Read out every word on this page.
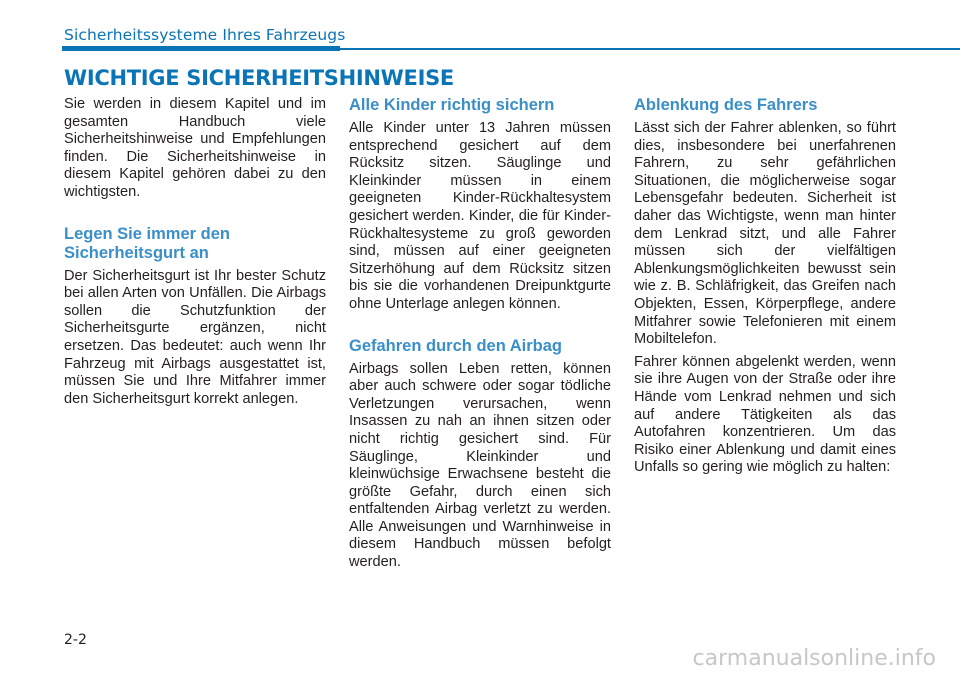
Sicherheitssysteme Ihres Fahrzeugs
WICHTIGE SICHERHEITSHINWEISE

Sie werden in diesem Kapitel und im gesamten Handbuch viele Sicherheitshinweise und Empfehlungen finden. Die Sicherheitshinweise in diesem Kapitel gehören dabei zu den wichtigsten.

Legen Sie immer den Sicherheitsgurt an

Der Sicherheitsgurt ist Ihr bester Schutz bei allen Arten von Unfällen. Die Airbags sollen die Schutzfunktion der Sicherheitsgurte ergänzen, nicht ersetzen. Das bedeutet: auch wenn Ihr Fahrzeug mit Airbags ausgestattet ist, müssen Sie und Ihre Mitfahrer immer den Sicherheitsgurt korrekt anlegen.

Alle Kinder richtig sichern

Alle Kinder unter 13 Jahren müssen entsprechend gesichert auf dem Rücksitz sitzen. Säuglinge und Kleinkinder müssen in einem geeigneten Kinder-Rückhaltesystem gesichert werden. Kinder, die für Kinder-Rückhaltesysteme zu groß geworden sind, müssen auf einer geeigneten Sitzerhöhung auf dem Rücksitz sitzen bis sie die vorhandenen Dreipunktgurte ohne Unterlage anlegen können.

Gefahren durch den Airbag

Airbags sollen Leben retten, können aber auch schwere oder sogar tödliche Verletzungen verursachen, wenn Insassen zu nah an ihnen sitzen oder nicht richtig gesichert sind. Für Säuglinge, Kleinkinder und kleinwüchsige Erwachsene besteht die größte Gefahr, durch einen sich entfaltenden Airbag verletzt zu werden. Alle Anweisungen und Warnhinweise in diesem Handbuch müssen befolgt werden.

Ablenkung des Fahrers

Lässt sich der Fahrer ablenken, so führt dies, insbesondere bei unerfahrenen Fahrern, zu sehr gefährlichen Situationen, die möglicherweise sogar Lebensgefahr bedeuten. Sicherheit ist daher das Wichtigste, wenn man hinter dem Lenkrad sitzt, und alle Fahrer müssen sich der vielfältigen Ablenkungsmöglichkeiten bewusst sein wie z. B. Schläfrigkeit, das Greifen nach Objekten, Essen, Körperpflege, andere Mitfahrer sowie Telefonieren mit einem Mobiltelefon.

Fahrer können abgelenkt werden, wenn sie ihre Augen von der Straße oder ihre Hände vom Lenkrad nehmen und sich auf andere Tätigkeiten als das Autofahren konzentrieren. Um das Risiko einer Ablenkung und damit eines Unfalls so gering wie möglich zu halten:

2-2
carmanualsonline.info
